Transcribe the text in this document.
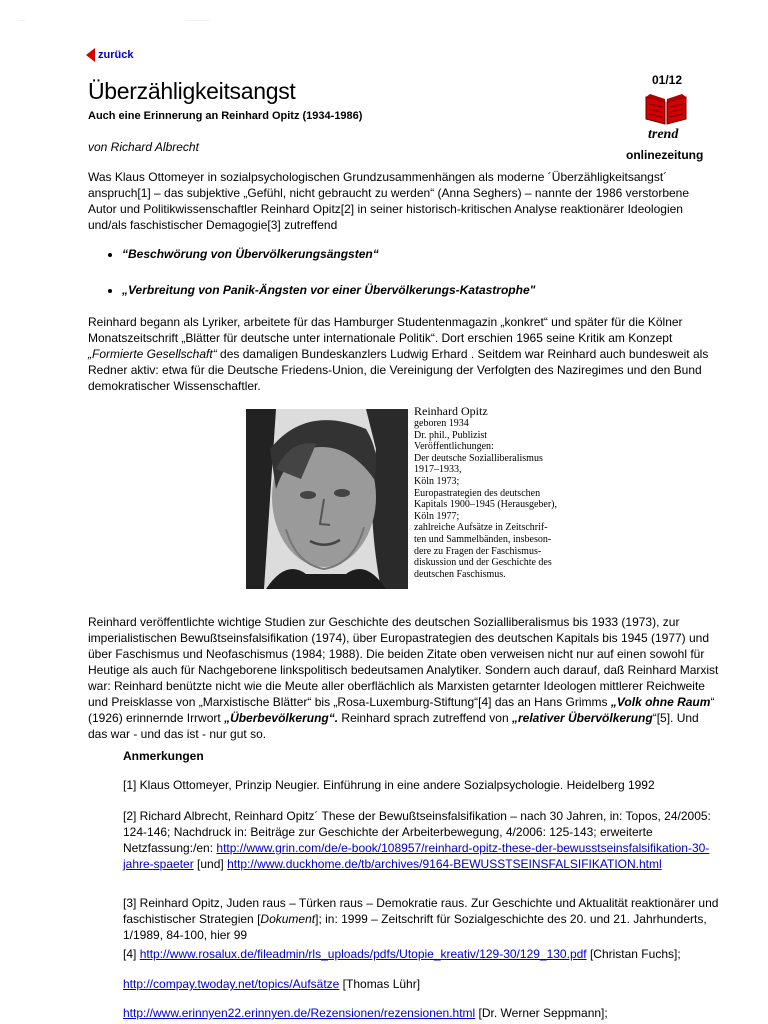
·····	··················
zurück
Überzähligkeitsangst
Auch eine Erinnerung an Reinhard Opitz (1934-1986)
von Richard Albrecht
01/12
trend
onlinezeitung

Was Klaus Ottomeyer in sozialpsychologischen Grundzusammenhängen als moderne ´Überzähligkeitsangst´ anspruch[1] – das subjektive „Gefühl, nicht gebraucht zu werden“ (Anna Seghers) – nannte der 1986 verstorbene Autor und Politikwissenschaftler Reinhard Opitz[2] in seiner historisch-kritischen Analyse reaktionärer Ideologien und/als faschistischer Demagogie[3] zutreffend

• “Beschwörung von Übervölkerungsängsten“
• „Verbreitung von Panik-Ängsten vor einer Übervölkerungs-Katastrophe"

Reinhard begann als Lyriker, arbeitete für das Hamburger Studentenmagazin „konkret“ und später für die Kölner Monatszeitschrift „Blätter für deutsche unter internationale Politik“. Dort erschien 1965 seine Kritik am Konzept „Formierte Gesellschaft“ des damaligen Bundeskanzlers Ludwig Erhard . Seitdem war Reinhard auch bundesweit als Redner aktiv: etwa für die Deutsche Friedens-Union, die Vereinigung der Verfolgten des Naziregimes und den Bund demokratischer Wissenschaftler.

Reinhard Opitz
geboren 1934
Dr. phil., Publizist
Veröffentlichungen:
Der deutsche Sozialliberalismus
1917–1933,
Köln 1973;
Europastrategien des deutschen
Kapitals 1900–1945 (Herausgeber),
Köln 1977;
zahlreiche Aufsätze in Zeitschrif-
ten und Sammelbänden, insbeson-
dere zu Fragen der Faschismus-
diskussion und der Geschichte des
deutschen Faschismus.

Reinhard veröffentlichte wichtige Studien zur Geschichte des deutschen Sozialliberalismus bis 1933 (1973), zur imperialistischen Bewußtseinsfalsifikation (1974), über Europastrategien des deutschen Kapitals bis 1945 (1977) und über Faschismus und Neofaschismus (1984; 1988). Die beiden Zitate oben verweisen nicht nur auf einen sowohl für Heutige als auch für Nachgeborene linkspolitisch bedeutsamen Analytiker. Sondern auch darauf, daß Reinhard Marxist war: Reinhard benützte nicht wie die Meute aller oberflächlich als Marxisten getarnter Ideologen mittlerer Reichweite und Preisklasse von „Marxistische Blätter“ bis „Rosa-Luxemburg-Stiftung“[4] das an Hans Grimms „Volk ohne Raum“ (1926) erinnernde Irrwort „Überbevölkerung“. Reinhard sprach zutreffend von „relativer Übervölkerung“[5]. Und das war - und das ist - nur gut so.

Anmerkungen

[1] Klaus Ottomeyer, Prinzip Neugier. Einführung in eine andere Sozialpsychologie. Heidelberg 1992

[2] Richard Albrecht, Reinhard Opitz´ These der Bewußtseinsfalsifikation – nach 30 Jahren, in: Topos, 24/2005: 124-146; Nachdruck in: Beiträge zur Geschichte der Arbeiterbewegung, 4/2006: 125-143; erweiterte Netzfassung:/en: http://www.grin.com/de/e-book/108957/reinhard-opitz-these-der-bewusstseinsfalsifikation-30-jahre-spaeter [und] http://www.duckhome.de/tb/archives/9164-BEWUSSTSEINSFALSIFIKATION.html

[3] Reinhard Opitz, Juden raus – Türken raus – Demokratie raus. Zur Geschichte und Aktualität reaktionärer und faschistischer Strategien [Dokument]; in: 1999 – Zeitschrift für Sozialgeschichte des 20. und 21. Jahrhunderts, 1/1989, 84-100, hier 99

[4] http://www.rosalux.de/fileadmin/rls_uploads/pdfs/Utopie_kreativ/129-30/129_130.pdf [Christan Fuchs];

http://compay.twoday.net/topics/Aufsätze [Thomas Lühr]

http://www.erinnyen22.erinnyen.de/Rezensionen/rezensionen.html [Dr. Werner Seppmann];
